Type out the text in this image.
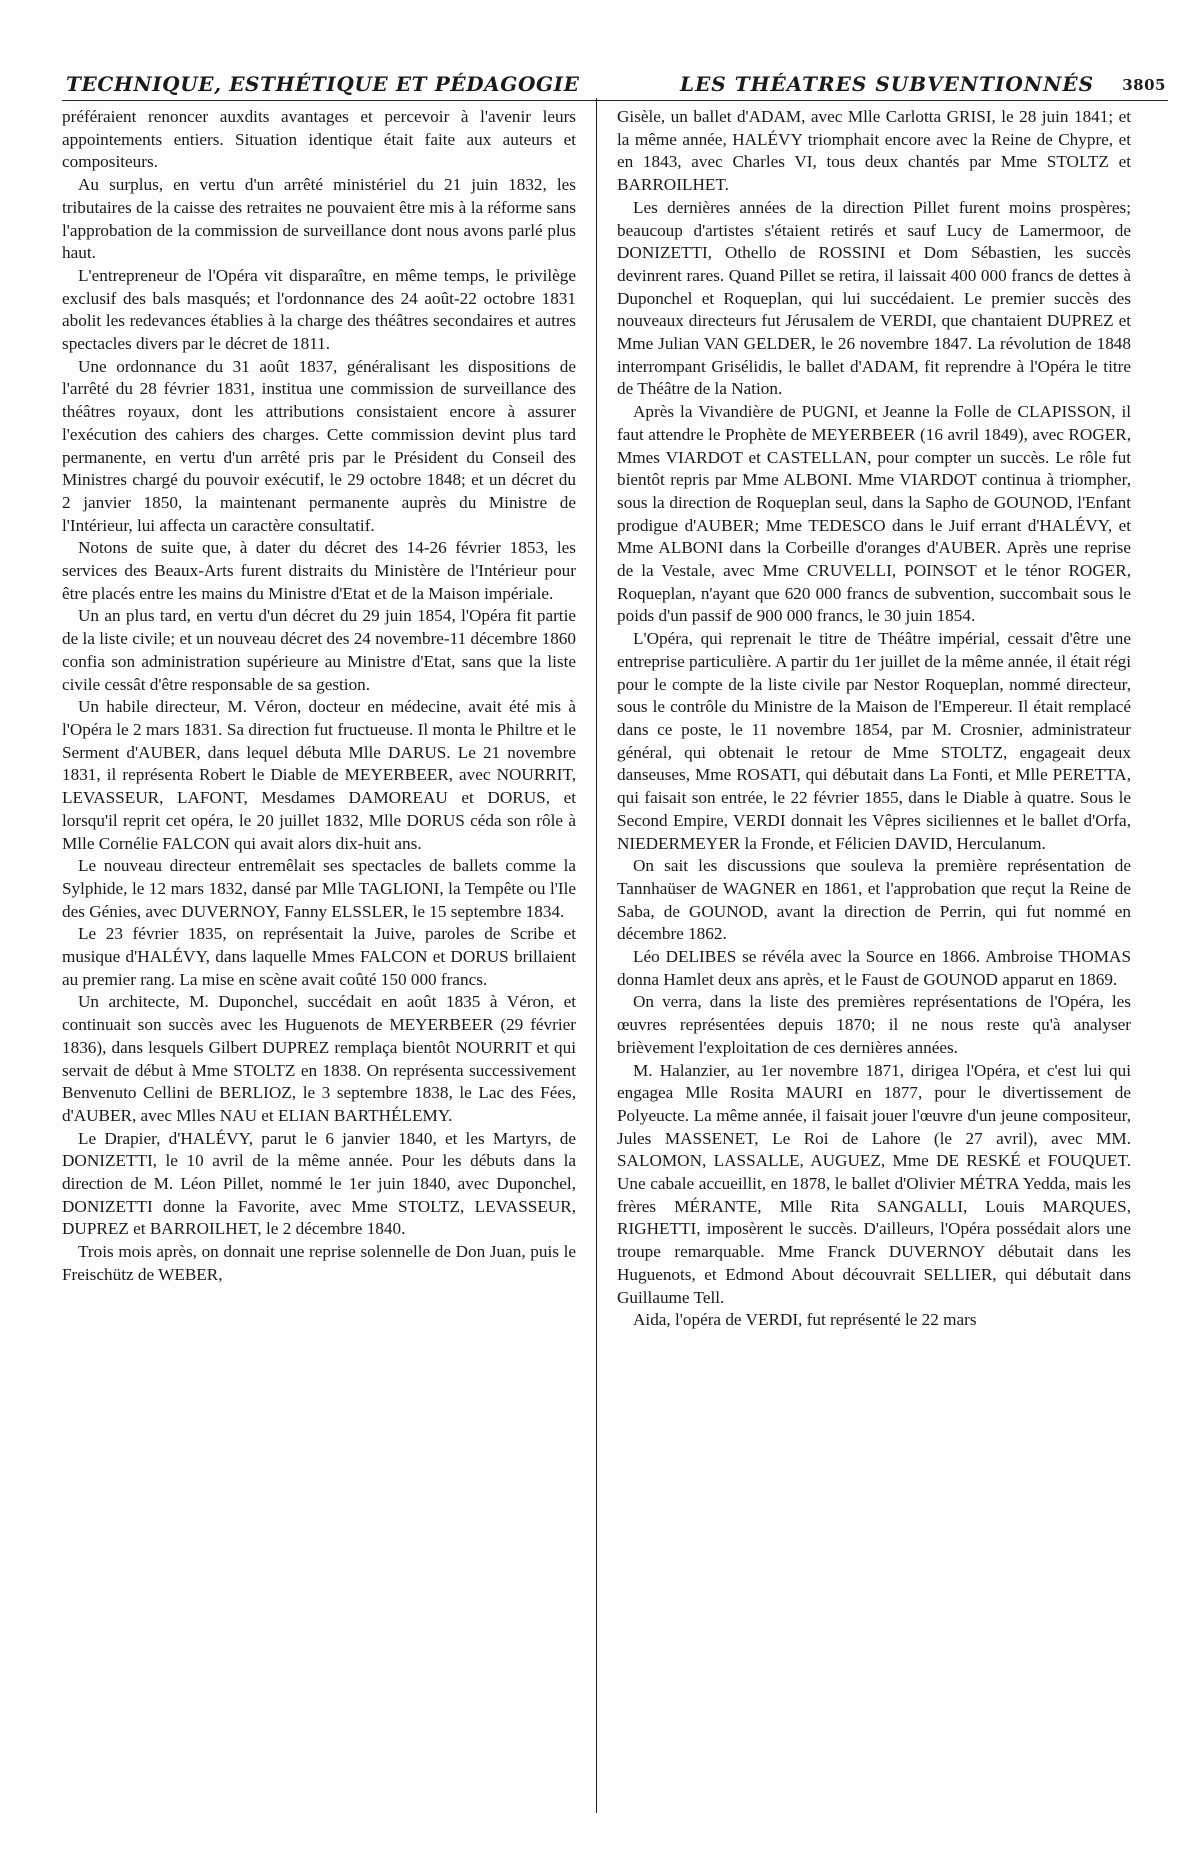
TECHNIQUE, ESTHÉTIQUE ET PÉDAGOGIE	LES THÉATRES SUBVENTIONNÉS 3805

préféraient renoncer auxdits avantages et percevoir à l'avenir leurs appointements entiers. Situation identique était faite aux auteurs et compositeurs.

Au surplus, en vertu d'un arrêté ministériel du 21 juin 1832, les tributaires de la caisse des retraites ne pouvaient être mis à la réforme sans l'approbation de la commission de surveillance dont nous avons parlé plus haut.

L'entrepreneur de l'Opéra vit disparaître, en même temps, le privilège exclusif des bals masqués; et l'ordonnance des 24 août-22 octobre 1831 abolit les redevances établies à la charge des théâtres secondaires et autres spectacles divers par le décret de 1811.

Une ordonnance du 31 août 1837, généralisant les dispositions de l'arrêté du 28 février 1831, institua une commission de surveillance des théâtres royaux, dont les attributions consistaient encore à assurer l'exécution des cahiers des charges. Cette commission devint plus tard permanente, en vertu d'un arrêté pris par le Président du Conseil des Ministres chargé du pouvoir exécutif, le 29 octobre 1848; et un décret du 2 janvier 1850, la maintenant permanente auprès du Ministre de l'Intérieur, lui affecta un caractère consultatif.

Notons de suite que, à dater du décret des 14-26 février 1853, les services des Beaux-Arts furent distraits du Ministère de l'Intérieur pour être placés entre les mains du Ministre d'Etat et de la Maison impériale.

Un an plus tard, en vertu d'un décret du 29 juin 1854, l'Opéra fit partie de la liste civile; et un nouveau décret des 24 novembre-11 décembre 1860 confia son administration supérieure au Ministre d'Etat, sans que la liste civile cessât d'être responsable de sa gestion.

Un habile directeur, M. Véron, docteur en médecine, avait été mis à l'Opéra le 2 mars 1831. Sa direction fut fructueuse. Il monta le Philtre et le Serment d'AUBER, dans lequel débuta Mlle DARUS. Le 21 novembre 1831, il représenta Robert le Diable de MEYERBEER, avec NOURRIT, LEVASSEUR, LAFONT, Mesdames DAMOREAU et DORUS, et lorsqu'il reprit cet opéra, le 20 juillet 1832, Mlle DORUS céda son rôle à Mlle Cornélie FALCON qui avait alors dix-huit ans.

Le nouveau directeur entremêlait ses spectacles de ballets comme la Sylphide, le 12 mars 1832, dansé par Mlle TAGLIONI, la Tempête ou l'Ile des Génies, avec DUVERNOY, Fanny ELSSLER, le 15 septembre 1834.

Le 23 février 1835, on représentait la Juive, paroles de Scribe et musique d'HALÉVY, dans laquelle Mmes FALCON et DORUS brillaient au premier rang. La mise en scène avait coûté 150 000 francs.

Un architecte, M. Duponchel, succédait en août 1835 à Véron, et continuait son succès avec les Huguenots de MEYERBEER (29 février 1836), dans lesquels Gilbert DUPREZ remplaça bientôt NOURRIT et qui servait de début à Mme STOLTZ en 1838. On représenta successivement Benvenuto Cellini de BERLIOZ, le 3 septembre 1838, le Lac des Fées, d'AUBER, avec Mlles NAU et ELIAN BARTHÉLEMY.

Le Drapier, d'HALÉVY, parut le 6 janvier 1840, et les Martyrs, de DONIZETTI, le 10 avril de la même année. Pour les débuts dans la direction de M. Léon Pillet, nommé le 1er juin 1840, avec Duponchel, DONIZETTI donne la Favorite, avec Mme STOLTZ, LEVASSEUR, DUPREZ et BARROILHET, le 2 décembre 1840.

Trois mois après, on donnait une reprise solennelle de Don Juan, puis le Freischütz de WEBER,

Gisèle, un ballet d'ADAM, avec Mlle Carlotta GRISI, le 28 juin 1841; et la même année, HALÉVY triomphait encore avec la Reine de Chypre, et en 1843, avec Charles VI, tous deux chantés par Mme STOLTZ et BARROILHET.

Les dernières années de la direction Pillet furent moins prospères; beaucoup d'artistes s'étaient retirés et sauf Lucy de Lamermoor, de DONIZETTI, Othello de ROSSINI et Dom Sébastien, les succès devinrent rares. Quand Pillet se retira, il laissait 400 000 francs de dettes à Duponchel et Roqueplan, qui lui succédaient. Le premier succès des nouveaux directeurs fut Jérusalem de VERDI, que chantaient DUPREZ et Mme Julian VAN GELDER, le 26 novembre 1847. La révolution de 1848 interrompant Grisélidis, le ballet d'ADAM, fit reprendre à l'Opéra le titre de Théâtre de la Nation.

Après la Vivandière de PUGNI, et Jeanne la Folle de CLAPISSON, il faut attendre le Prophète de MEYERBEER (16 avril 1849), avec ROGER, Mmes VIARDOT et CASTELLAN, pour compter un succès. Le rôle fut bientôt repris par Mme ALBONI. Mme VIARDOT continua à triompher, sous la direction de Roqueplan seul, dans la Sapho de GOUNOD, l'Enfant prodigue d'AUBER; Mme TEDESCO dans le Juif errant d'HALÉVY, et Mme ALBONI dans la Corbeille d'oranges d'AUBER. Après une reprise de la Vestale, avec Mme CRUVELLI, POINSOT et le ténor ROGER, Roqueplan, n'ayant que 620 000 francs de subvention, succombait sous le poids d'un passif de 900 000 francs, le 30 juin 1854.

L'Opéra, qui reprenait le titre de Théâtre impérial, cessait d'être une entreprise particulière. A partir du 1er juillet de la même année, il était régi pour le compte de la liste civile par Nestor Roqueplan, nommé directeur, sous le contrôle du Ministre de la Maison de l'Empereur. Il était remplacé dans ce poste, le 11 novembre 1854, par M. Crosnier, administrateur général, qui obtenait le retour de Mme STOLTZ, engageait deux danseuses, Mme ROSATI, qui débutait dans La Fonti, et Mlle PERETTA, qui faisait son entrée, le 22 février 1855, dans le Diable à quatre. Sous le Second Empire, VERDI donnait les Vêpres siciliennes et le ballet d'Orfa, NIEDERMEYER la Fronde, et Félicien DAVID, Herculanum.

On sait les discussions que souleva la première représentation de Tannhaüser de WAGNER en 1861, et l'approbation que reçut la Reine de Saba, de GOUNOD, avant la direction de Perrin, qui fut nommé en décembre 1862.

Léo DELIBES se révéla avec la Source en 1866. Ambroise THOMAS donna Hamlet deux ans après, et le Faust de GOUNOD apparut en 1869.

On verra, dans la liste des premières représentations de l'Opéra, les œuvres représentées depuis 1870; il ne nous reste qu'à analyser brièvement l'exploitation de ces dernières années.

M. Halanzier, au 1er novembre 1871, dirigea l'Opéra, et c'est lui qui engagea Mlle Rosita MAURI en 1877, pour le divertissement de Polyeucte. La même année, il faisait jouer l'œuvre d'un jeune compositeur, Jules MASSENET, Le Roi de Lahore (le 27 avril), avec MM. SALOMON, LASSALLE, AUGUEZ, Mme DE RESKÉ et FOUQUET. Une cabale accueillit, en 1878, le ballet d'Olivier MÉTRA Yedda, mais les frères MÉRANTE, Mlle Rita SANGALLI, Louis MARQUES, RIGHETTI, imposèrent le succès. D'ailleurs, l'Opéra possédait alors une troupe remarquable. Mme Franck DUVERNOY débutait dans les Huguenots, et Edmond About découvrait SELLIER, qui débutait dans Guillaume Tell.

Aida, l'opéra de VERDI, fut représenté le 22 mars
